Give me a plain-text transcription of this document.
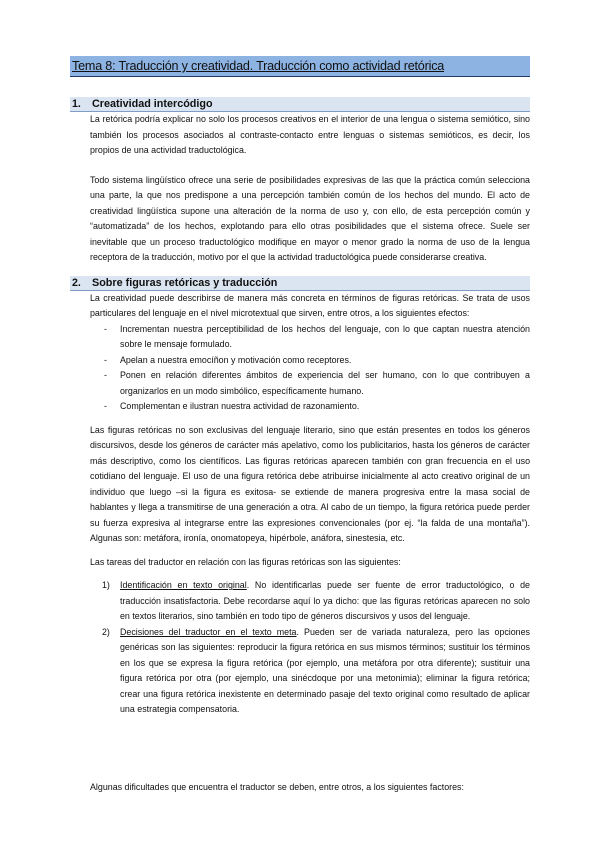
Tema 8: Traducción y creatividad. Traducción como actividad retórica
1.	Creatividad intercódigo

La retórica podría explicar no solo los procesos creativos en el interior de una lengua o sistema semiótico, sino también los procesos asociados al contraste-contacto entre lenguas o sistemas semióticos, es decir, los propios de una actividad traductológica.

Todo sistema lingüístico ofrece una serie de posibilidades expresivas de las que la práctica común selecciona una parte, la que nos predispone a una percepción también común de los hechos del mundo. El acto de creatividad lingüística supone una alteración de la norma de uso y, con ello, de esta percepción común y “automatizada” de los hechos, explotando para ello otras posibilidades que el sistema ofrece. Suele ser inevitable que un proceso traductológico modifique en mayor o menor grado la norma de uso de la lengua receptora de la traducción, motivo por el que la actividad traductológica puede considerarse creativa.

2.	Sobre figuras retóricas y traducción

La creatividad puede describirse de manera más concreta en términos de figuras retóricas. Se trata de usos particulares del lenguaje en el nivel microtextual que sirven, entre otros, a los siguientes efectos:

- Incrementan nuestra perceptibilidad de los hechos del lenguaje, con lo que captan nuestra atención sobre le mensaje formulado.
- Apelan a nuestra emocíñon y motivación como receptores.
- Ponen en relación diferentes ámbitos de experiencia del ser humano, con lo que contribuyen a organizarlos en un modo simbólico, específicamente humano.
- Complementan e ilustran nuestra actividad de razonamiento.

Las figuras retóricas no son exclusivas del lenguaje literario, sino que están presentes en todos los géneros discursivos, desde los géneros de carácter más apelativo, como los publicitarios, hasta los géneros de carácter más descriptivo, como los científicos. Las figuras retóricas aparecen también con gran frecuencia en el uso cotidiano del lenguaje. El uso de una figura retórica debe atribuirse inicialmente al acto creativo original de un individuo que luego –si la figura es exitosa- se extiende de manera progresiva entre la masa social de hablantes y llega a transmitirse de una generación a otra. Al cabo de un tiempo, la figura retórica puede perder su fuerza expresiva al integrarse entre las expresiones convencionales (por ej. “la falda de una montaña”). Algunas son: metáfora, ironía, onomatopeya, hipérbole, anáfora, sinestesia, etc.

Las tareas del traductor en relación con las figuras retóricas son las siguientes:

1) Identificación en texto original. No identificarlas puede ser fuente de error traductológico, o de traducción insatisfactoria. Debe recordarse aquí lo ya dicho: que las figuras retóricas aparecen no solo en textos literarios, sino también en todo tipo de géneros discursivos y usos del lenguaje.
2) Decisiones del traductor en el texto meta. Pueden ser de variada naturaleza, pero las opciones genéricas son las siguientes: reproducir la figura retórica en sus mismos términos; sustituir los términos en los que se expresa la figura retórica (por ejemplo, una metáfora por otra diferente); sustituir una figura retórica por otra (por ejemplo, una sinécdoque por una metonimia); eliminar la figura retórica; crear una figura retórica inexistente en determinado pasaje del texto original como resultado de aplicar una estrategia compensatoria.
Algunas dificultades que encuentra el traductor se deben, entre otros, a los siguientes factores:
